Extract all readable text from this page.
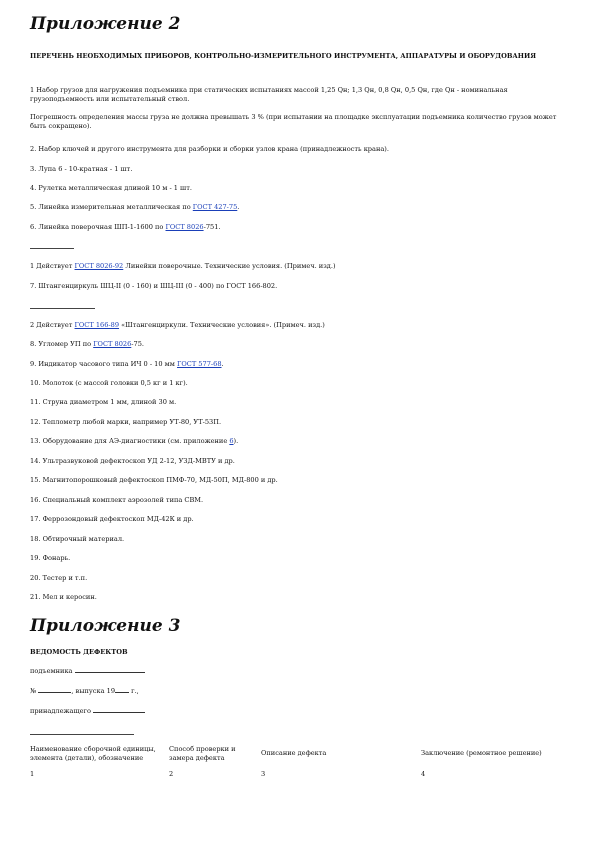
Приложение 2

ПЕРЕЧЕНЬ НЕОБХОДИМЫХ ПРИБОРОВ, КОНТРОЛЬНО-ИЗМЕРИТЕЛЬНОГО ИНСТРУМЕНТА, АППАРАТУРЫ И ОБОРУДОВАНИЯ

1 Набор грузов для нагружения подъемника при статических испытаниях массой 1,25 Qн; 1,3 Qн, 0,8 Qн, 0,5 Qн, где Qн - номинальная грузоподъемность или испытательный ствол.

Погрешность определения массы груза не должна превышать 3 % (при испытании на площадке эксплуатации подъемника количество грузов может быть сокращено).

2. Набор ключей и другого инструмента для разборки и сборки узлов крана (принадлежность крана).

3. Лупа 6 - 10-кратная - 1 шт.

4. Рулетка металлическая длиной 10 м - 1 шт.

5. Линейка измерительная металлическая по ГОСТ 427-75.

6. Линейка поверочная ШП-1-1600 по ГОСТ 8026-751.

1 Действует ГОСТ 8026-92 Линейки поверочные. Технические условия. (Примеч. изд.)

7. Штангенциркуль ШЦ-II (0 - 160) и ШЦ-III (0 - 400) по ГОСТ 166-802.

2 Действует ГОСТ 166-89 «Штангенциркули. Технические условия». (Примеч. изд.)

8. Угломер УП по ГОСТ 8026-75.

9. Индикатор часового типа ИЧ 0 - 10 мм ГОСТ 577-68.

10. Молоток (с массой головки 0,5 кг и 1 кг).

11. Струна диаметром 1 мм, длиной 30 м.

12. Теплометр любой марки, например УТ-80, УТ-53П.

13. Оборудование для АЭ-диагностики (см. приложение 6).

14. Ультразвуковой дефектоскоп УД 2-12, УЗД-МВТУ и др.

15. Магнитопорошковый дефектоскоп ПМФ-70, МД-50П, МД-800 и др.

16. Специальный комплект аэрозолей типа СВМ.

17. Феррозондовый дефектоскоп МД-42К и др.

18. Обтирочный материал.

19. Фонарь.

20. Тестер и т.п.

21. Мел и керосин.

Приложение 3

ВЕДОМОСТЬ ДЕФЕКТОВ

подъемника

№	, выпуска 19 г.,

принадлежащего

Наименование сборочной единицы, элемента (детали), обозначение	Способ проверки и замера дефекта	Описание дефекта	Заключение (ремонтное решение)
1	2	3	4
